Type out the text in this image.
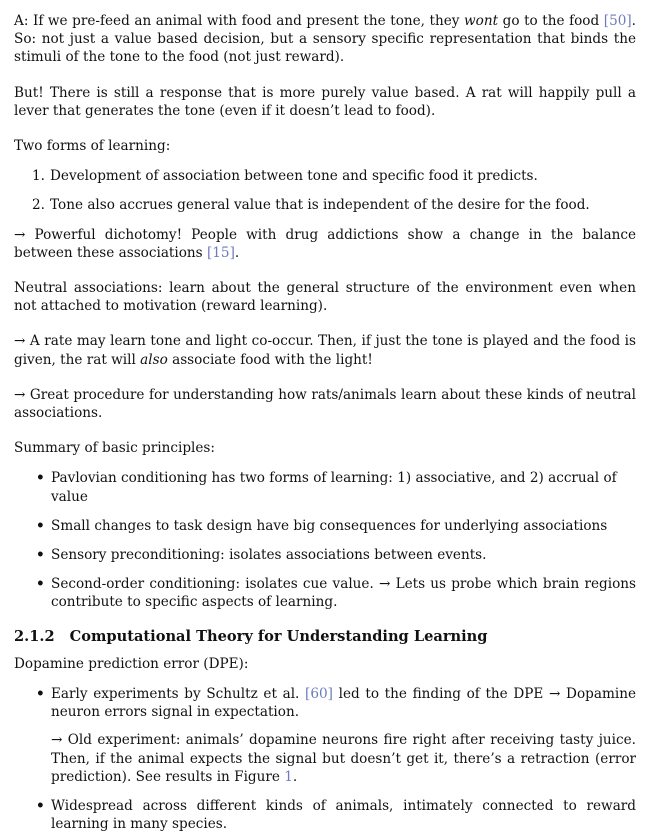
A: If we pre-feed an animal with food and present the tone, they wont go to the food [50]. So: not just a value based decision, but a sensory specific representation that binds the stimuli of the tone to the food (not just reward).

But! There is still a response that is more purely value based. A rat will happily pull a lever that generates the tone (even if it doesn’t lead to food).

Two forms of learning:

1. Development of association between tone and specific food it predicts.
2. Tone also accrues general value that is independent of the desire for the food.

→ Powerful dichotomy! People with drug addictions show a change in the balance between these associations [15].

Neutral associations: learn about the general structure of the environment even when not attached to motivation (reward learning).

→ A rate may learn tone and light co-occur. Then, if just the tone is played and the food is given, the rat will also associate food with the light!

→ Great procedure for understanding how rats/animals learn about these kinds of neutral associations.

Summary of basic principles:

• Pavlovian conditioning has two forms of learning: 1) associative, and 2) accrual of value
• Small changes to task design have big consequences for underlying associations
• Sensory preconditioning: isolates associations between events.
• Second-order conditioning: isolates cue value. → Lets us probe which brain regions contribute to specific aspects of learning.
2.1.2 Computational Theory for Understanding Learning

Dopamine prediction error (DPE):

• Early experiments by Schultz et al. [60] led to the finding of the DPE → Dopamine neuron errors signal in expectation.
→ Old experiment: animals’ dopamine neurons fire right after receiving tasty juice. Then, if the animal expects the signal but doesn’t get it, there’s a retraction (error prediction). See results in Figure 1.
• Widespread across different kinds of animals, intimately connected to reward learning in many species.
